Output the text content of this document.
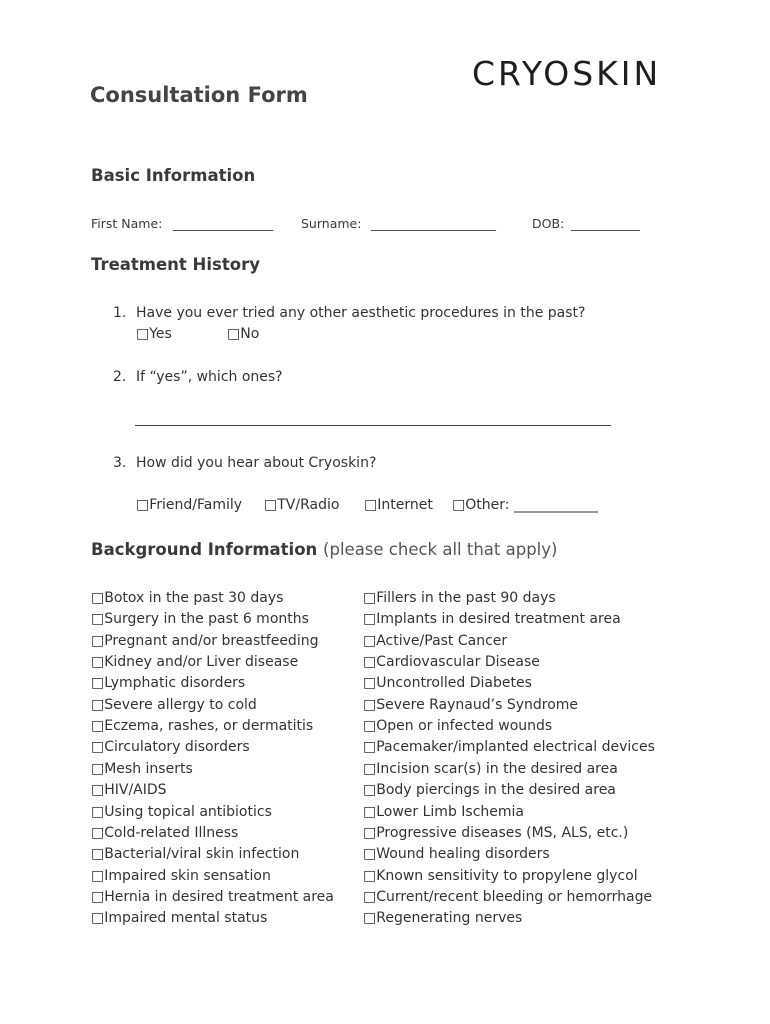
CRYOSKIN
Consultation Form
Basic Information
First Name: ________________ Surname: ____________________	DOB: ___________
Treatment History
1. Have you ever tried any other aesthetic procedures in the past?
□Yes	□No
2. If “yes”, which ones?
3. How did you hear about Cryoskin?
□Friend/Family □TV/Radio □Internet □Other: ____________
Background Information (please check all that apply)
□Botox in the past 30 days
□Surgery in the past 6 months
□Pregnant and/or breastfeeding
□Kidney and/or Liver disease
□Lymphatic disorders
□Severe allergy to cold
□Eczema, rashes, or dermatitis
□Circulatory disorders
□Mesh inserts
□HIV/AIDS
□Using topical antibiotics
□Cold-related Illness
□Bacterial/viral skin infection
□Impaired skin sensation
□Hernia in desired treatment area
□Impaired mental status
□Fillers in the past 90 days
□Implants in desired treatment area
□Active/Past Cancer
□Cardiovascular Disease
□Uncontrolled Diabetes
□Severe Raynaud’s Syndrome
□Open or infected wounds
□Pacemaker/implanted electrical devices
□Incision scar(s) in the desired area
□Body piercings in the desired area
□Lower Limb Ischemia
□Progressive diseases (MS, ALS, etc.)
□Wound healing disorders
□Known sensitivity to propylene glycol
□Current/recent bleeding or hemorrhage
□Regenerating nerves
